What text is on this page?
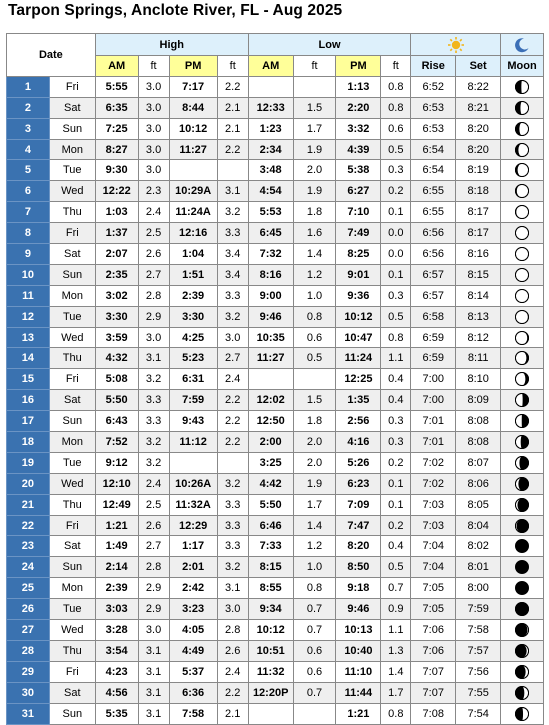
Tarpon Springs, Anclote River, FL - Aug 2025
Date		High				Low		
		AM	ft	PM	ft	AM	ft	PM	ft	Rise	Set	Moon
1	Fri	5:55	3.0	7:17	2.2			1:13	0.8	6:52	8:22	

2	Sat	6:35	3.0	8:44	2.1	12:33	1.5	2:20	0.8	6:53	8:21	

3	Sun	7:25	3.0	10:12	2.1	1:23	1.7	3:32	0.6	6:53	8:20	

4	Mon	8:27	3.0	11:27	2.2	2:34	1.9	4:39	0.5	6:54	8:20	

5	Tue	9:30	3.0			3:48	2.0	5:38	0.3	6:54	8:19	

6	Wed	12:22	2.3	10:29A	3.1	4:54	1.9	6:27	0.2	6:55	8:18	

7	Thu	1:03	2.4	11:24A	3.2	5:53	1.8	7:10	0.1	6:55	8:17	

8	Fri	1:37	2.5	12:16	3.3	6:45	1.6	7:49	0.0	6:56	8:17	

9	Sat	2:07	2.6	1:04	3.4	7:32	1.4	8:25	0.0	6:56	8:16	

10	Sun	2:35	2.7	1:51	3.4	8:16	1.2	9:01	0.1	6:57	8:15	

11	Mon	3:02	2.8	2:39	3.3	9:00	1.0	9:36	0.3	6:57	8:14	

12	Tue	3:30	2.9	3:30	3.2	9:46	0.8	10:12	0.5	6:58	8:13	

13	Wed	3:59	3.0	4:25	3.0	10:35	0.6	10:47	0.8	6:59	8:12	

14	Thu	4:32	3.1	5:23	2.7	11:27	0.5	11:24	1.1	6:59	8:11	

15	Fri	5:08	3.2	6:31	2.4			12:25	0.4	7:00	8:10	

16	Sat	5:50	3.3	7:59	2.2	12:02	1.5	1:35	0.4	7:00	8:09	

17	Sun	6:43	3.3	9:43	2.2	12:50	1.8	2:56	0.3	7:01	8:08	

18	Mon	7:52	3.2	11:12	2.2	2:00	2.0	4:16	0.3	7:01	8:08	

19	Tue	9:12	3.2			3:25	2.0	5:26	0.2	7:02	8:07	

20	Wed	12:10	2.4	10:26A	3.2	4:42	1.9	6:23	0.1	7:02	8:06	

21	Thu	12:49	2.5	11:32A	3.3	5:50	1.7	7:09	0.1	7:03	8:05	

22	Fri	1:21	2.6	12:29	3.3	6:46	1.4	7:47	0.2	7:03	8:04	

23	Sat	1:49	2.7	1:17	3.3	7:33	1.2	8:20	0.4	7:04	8:02	

24	Sun	2:14	2.8	2:01	3.2	8:15	1.0	8:50	0.5	7:04	8:01	

25	Mon	2:39	2.9	2:42	3.1	8:55	0.8	9:18	0.7	7:05	8:00	

26	Tue	3:03	2.9	3:23	3.0	9:34	0.7	9:46	0.9	7:05	7:59	

27	Wed	3:28	3.0	4:05	2.8	10:12	0.7	10:13	1.1	7:06	7:58	

28	Thu	3:54	3.1	4:49	2.6	10:51	0.6	10:40	1.3	7:06	7:57	

29	Fri	4:23	3.1	5:37	2.4	11:32	0.6	11:10	1.4	7:07	7:56	

30	Sat	4:56	3.1	6:36	2.2	12:20P	0.7	11:44	1.7	7:07	7:55	

31	Sun	5:35	3.1	7:58	2.1			1:21	0.8	7:08	7:54	
